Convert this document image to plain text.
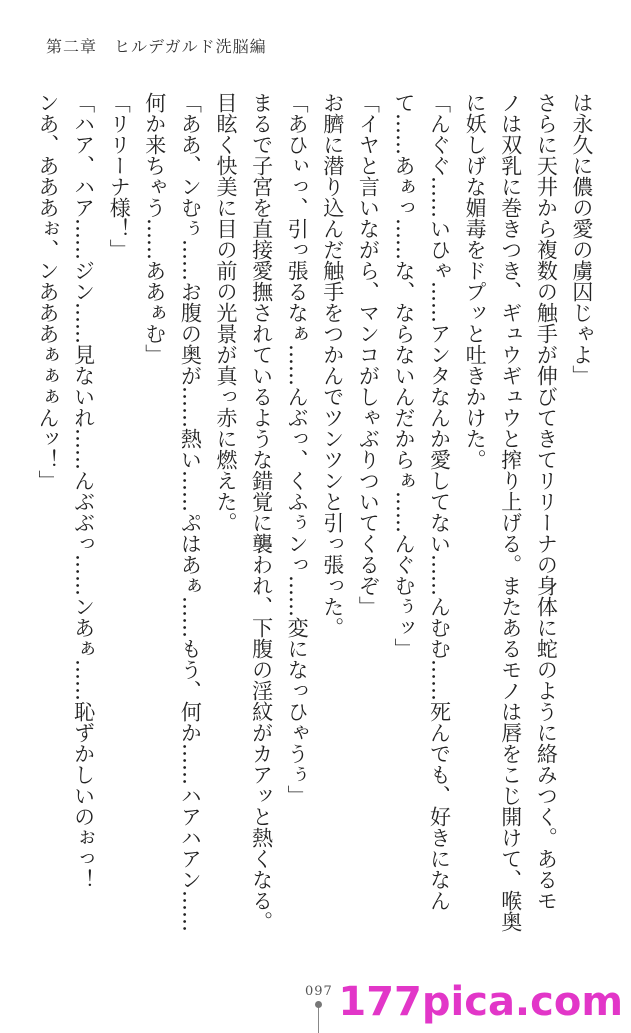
第二章　ヒルデガルド洗脳編
は永久に儂の愛の虜囚じゃよ」
さらに天井から複数の触手が伸びてきてリリーナの身体に蛇のように絡みつく。あるモ
ノは双乳に巻きつき、ギュウギュウと搾り上げる。またあるモノは唇をこじ開けて、喉奥
に妖しげな媚毒をドプッと吐きかけた。
「んぐぐ……いひゃ……アンタなんか愛してない……んむむ……死んでも、好きになん
て……あぁっ……な、ならないんだからぁ……んぐむぅッ」
「イヤと言いながら、マンコがしゃぶりついてくるぞ」
お臍に潜り込んだ触手をつかんでツンツンと引っ張った。
「あひぃっ、引っ張るなぁ……んぶっ、くふぅンっ……変になっひゃうぅ」
まるで子宮を直接愛撫されているような錯覚に襲われ、下腹の淫紋がカアッと熱くなる。
目眩く快美に目の前の光景が真っ赤に燃えた。
「ああ、ンむぅ……お腹の奥が……熱い……ぷはあぁ……もう、何か……ハアハアン……
何か来ちゃう……ああぁむ」
「リリーナ様！」
「ハア、ハア……ジン……見ないれ……んぶぶっ……ンあぁ……恥ずかしいのぉっ！
ンあ、あああぉ、ンあああぁぁぁんッ！」
097 177pica.com
